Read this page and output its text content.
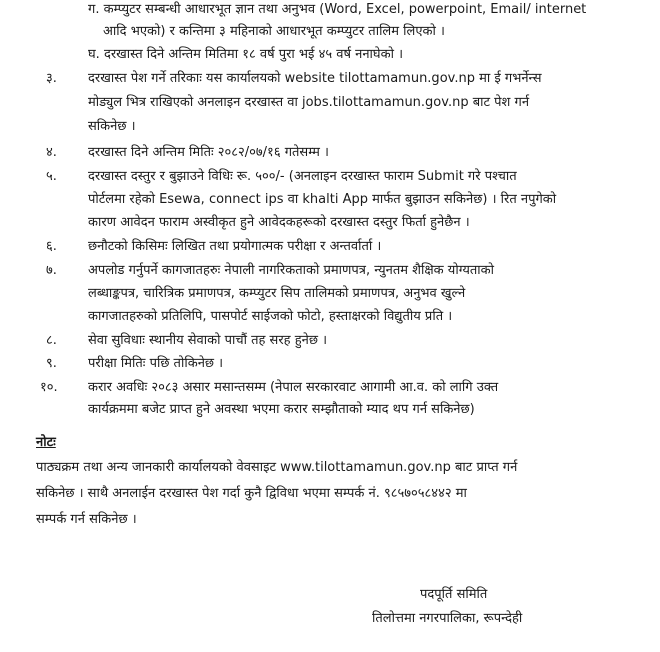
ग. कम्प्युटर सम्बन्धी आधारभूत ज्ञान तथा अनुभव (Word, Excel, powerpoint, Email/ internet
आदि भएको) र कन्तिमा ३ महिनाको आधारभूत कम्प्युटर तालिम लिएको ।
घ. दरखास्त दिने अन्तिम मितिमा १८ वर्ष पुरा भई ४५ वर्ष ननाघेको ।
३. दरखास्त पेश गर्ने तरिकाः यस कार्यालयको website tilottamamun.gov.np मा ई गभर्नेन्स
मोड्युल भित्र राखिएको अनलाइन दरखास्त वा jobs.tilottamamun.gov.np बाट पेश गर्न
सकिनेछ ।
४. दरखास्त दिने अन्तिम मितिः २०८२/०७/१६ गतेसम्म ।
५. दरखास्त दस्तुर र बुझाउने विधिः रू. ५००/- (अनलाइन दरखास्त फाराम Submit गरे पश्चात
पोर्टलमा रहेको Esewa, connect ips वा khalti App मार्फत बुझाउन सकिनेछ) । रित नपुगेको
कारण आवेदन फाराम अस्वीकृत हुने आवेदकहरूको दरखास्त दस्तुर फिर्ता हुनेछैन ।
६. छनौटको किसिमः लिखित तथा प्रयोगात्मक परीक्षा र अन्तर्वार्ता ।
७. अपलोड गर्नुपर्ने कागजातहरुः नेपाली नागरिकताको प्रमाणपत्र, न्युनतम शैक्षिक योग्यताको
लब्धाङ्कपत्र, चारित्रिक प्रमाणपत्र, कम्प्युटर सिप तालिमको प्रमाणपत्र, अनुभव खुल्ने
कागजातहरुको प्रतिलिपि, पासपोर्ट साईजको फोटो, हस्ताक्षरको विद्युतीय प्रति ।
८. सेवा सुविधाः स्थानीय सेवाको पाचौं तह सरह हुनेछ ।
९. परीक्षा मितिः पछि तोकिनेछ ।
१०. करार अवधिः २०८३ असार मसान्तसम्म (नेपाल सरकारवाट आगामी आ.व. को लागि उक्त
कार्यक्रममा बजेट प्राप्त हुने अवस्था भएमा करार सम्झौताको म्याद थप गर्न सकिनेछ)
नोटः
पाठ्यक्रम तथा अन्य जानकारी कार्यालयको वेवसाइट www.tilottamamun.gov.np बाट प्राप्त गर्न
सकिनेछ । साथै अनलाईन दरखास्त पेश गर्दा कुनै द्विविधा भएमा सम्पर्क नं. ९८५७०५८४४२ मा
सम्पर्क गर्न सकिनेछ ।
पदपूर्ति समिति
तिलोत्तमा नगरपालिका, रूपन्देही
